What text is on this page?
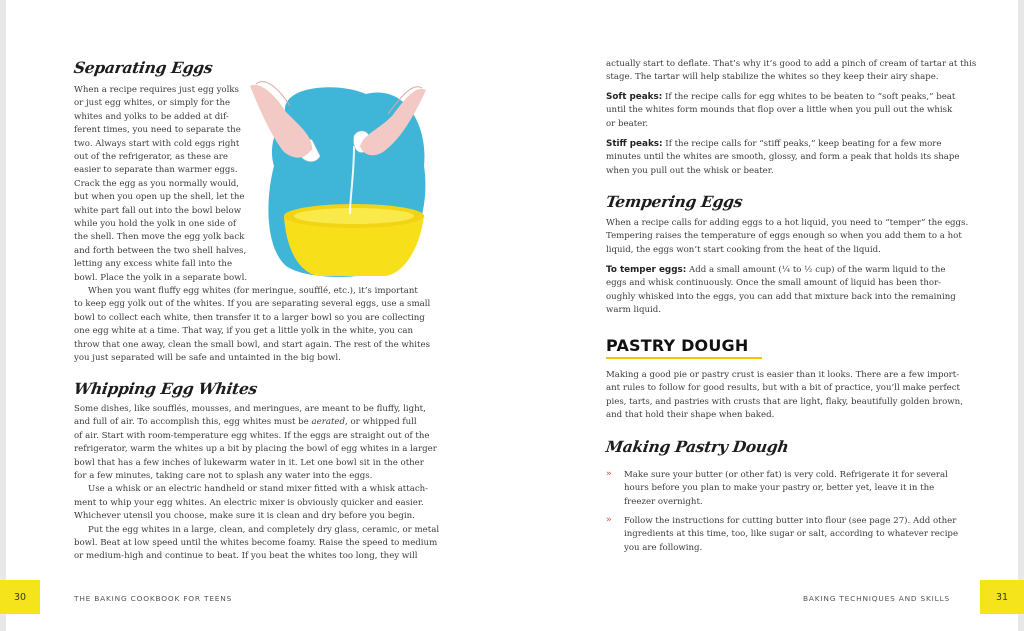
Separating Eggs
When a recipe requires just egg yolks
or just egg whites, or simply for the
whites and yolks to be added at dif-
ferent times, you need to separate the
two. Always start with cold eggs right
out of the refrigerator, as these are
easier to separate than warmer eggs.
Crack the egg as you normally would,
but when you open up the shell, let the
white part fall out into the bowl below
while you hold the yolk in one side of
the shell. Then move the egg yolk back
and forth between the two shell halves,
letting any excess white fall into the
bowl. Place the yolk in a separate bowl.
When you want fluffy egg whites (for meringue, soufflé, etc.), it’s important
to keep egg yolk out of the whites. If you are separating several eggs, use a small
bowl to collect each white, then transfer it to a larger bowl so you are collecting
one egg white at a time. That way, if you get a little yolk in the white, you can
throw that one away, clean the small bowl, and start again. The rest of the whites
you just separated will be safe and untainted in the big bowl.
Whipping Egg Whites
Some dishes, like soufflés, mousses, and meringues, are meant to be fluffy, light,
and full of air. To accomplish this, egg whites must be aerated, or whipped full
of air. Start with room-temperature egg whites. If the eggs are straight out of the
refrigerator, warm the whites up a bit by placing the bowl of egg whites in a larger
bowl that has a few inches of lukewarm water in it. Let one bowl sit in the other
for a few minutes, taking care not to splash any water into the eggs.
Use a whisk or an electric handheld or stand mixer fitted with a whisk attach-
ment to whip your egg whites. An electric mixer is obviously quicker and easier.
Whichever utensil you choose, make sure it is clean and dry before you begin.
Put the egg whites in a large, clean, and completely dry glass, ceramic, or metal
bowl. Beat at low speed until the whites become foamy. Raise the speed to medium
or medium-high and continue to beat. If you beat the whites too long, they will
30	THE BAKING COOKBOOK FOR TEENS
actually start to deflate. That’s why it’s good to add a pinch of cream of tartar at this
stage. The tartar will help stabilize the whites so they keep their airy shape.
Soft peaks: If the recipe calls for egg whites to be beaten to “soft peaks,” beat
until the whites form mounds that flop over a little when you pull out the whisk
or beater.
Stiff peaks: If the recipe calls for “stiff peaks,” keep beating for a few more
minutes until the whites are smooth, glossy, and form a peak that holds its shape
when you pull out the whisk or beater.
Tempering Eggs
When a recipe calls for adding eggs to a hot liquid, you need to “temper” the eggs.
Tempering raises the temperature of eggs enough so when you add them to a hot
liquid, the eggs won’t start cooking from the heat of the liquid.
To temper eggs: Add a small amount (¼ to ½ cup) of the warm liquid to the
eggs and whisk continuously. Once the small amount of liquid has been thor-
oughly whisked into the eggs, you can add that mixture back into the remaining
warm liquid.
PASTRY DOUGH
Making a good pie or pastry crust is easier than it looks. There are a few import-
ant rules to follow for good results, but with a bit of practice, you’ll make perfect
pies, tarts, and pastries with crusts that are light, flaky, beautifully golden brown,
and that hold their shape when baked.
Making Pastry Dough
»	Make sure your butter (or other fat) is very cold. Refrigerate it for several
hours before you plan to make your pastry or, better yet, leave it in the
freezer overnight.
»	Follow the instructions for cutting butter into flour (see page 27). Add other
ingredients at this time, too, like sugar or salt, according to whatever recipe
you are following.
BAKING TECHNIQUES AND SKILLS	31
